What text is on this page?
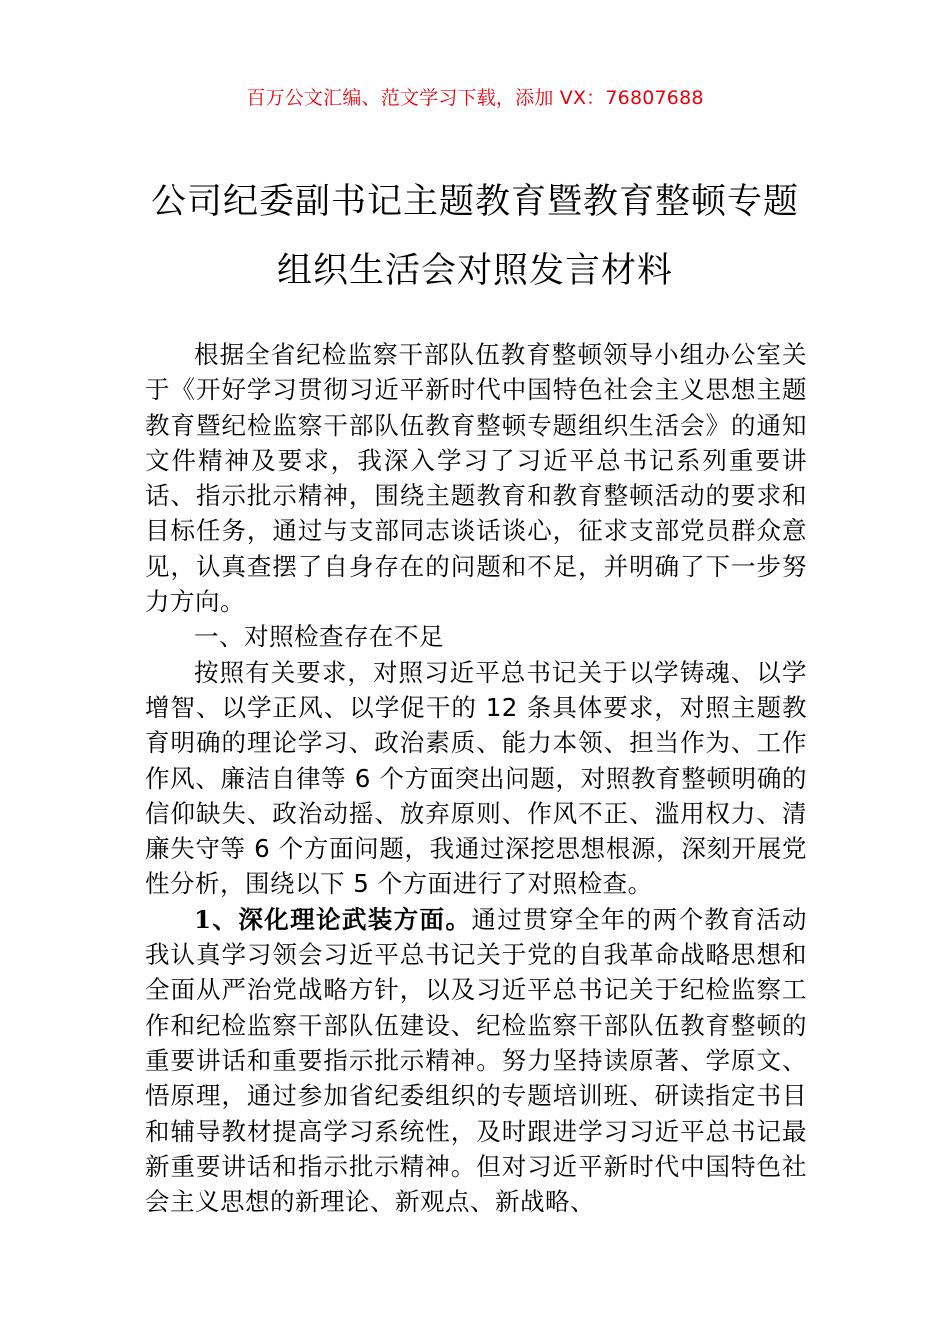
百万公文汇编、范文学习下载，添加 VX：76807688
公司纪委副书记主题教育暨教育整顿专题
组织生活会对照发言材料

根据全省纪检监察干部队伍教育整顿领导小组办公室关于《开好学习贯彻习近平新时代中国特色社会主义思想主题教育暨纪检监察干部队伍教育整顿专题组织生活会》的通知文件精神及要求，我深入学习了习近平总书记系列重要讲话、指示批示精神，围绕主题教育和教育整顿活动的要求和目标任务，通过与支部同志谈话谈心，征求支部党员群众意见，认真查摆了自身存在的问题和不足，并明确了下一步努力方向。

一、对照检查存在不足

按照有关要求，对照习近平总书记关于以学铸魂、以学增智、以学正风、以学促干的 12 条具体要求，对照主题教育明确的理论学习、政治素质、能力本领、担当作为、工作作风、廉洁自律等 6 个方面突出问题，对照教育整顿明确的信仰缺失、政治动摇、放弃原则、作风不正、滥用权力、清廉失守等 6 个方面问题，我通过深挖思想根源，深刻开展党性分析，围绕以下 5 个方面进行了对照检查。

1、深化理论武装方面。通过贯穿全年的两个教育活动我认真学习领会习近平总书记关于党的自我革命战略思想和全面从严治党战略方针，以及习近平总书记关于纪检监察工作和纪检监察干部队伍建设、纪检监察干部队伍教育整顿的重要讲话和重要指示批示精神。努力坚持读原著、学原文、悟原理，通过参加省纪委组织的专题培训班、研读指定书目和辅导教材提高学习系统性，及时跟进学习习近平总书记最新重要讲话和指示批示精神。但对习近平新时代中国特色社会主义思想的新理论、新观点、新战略、
